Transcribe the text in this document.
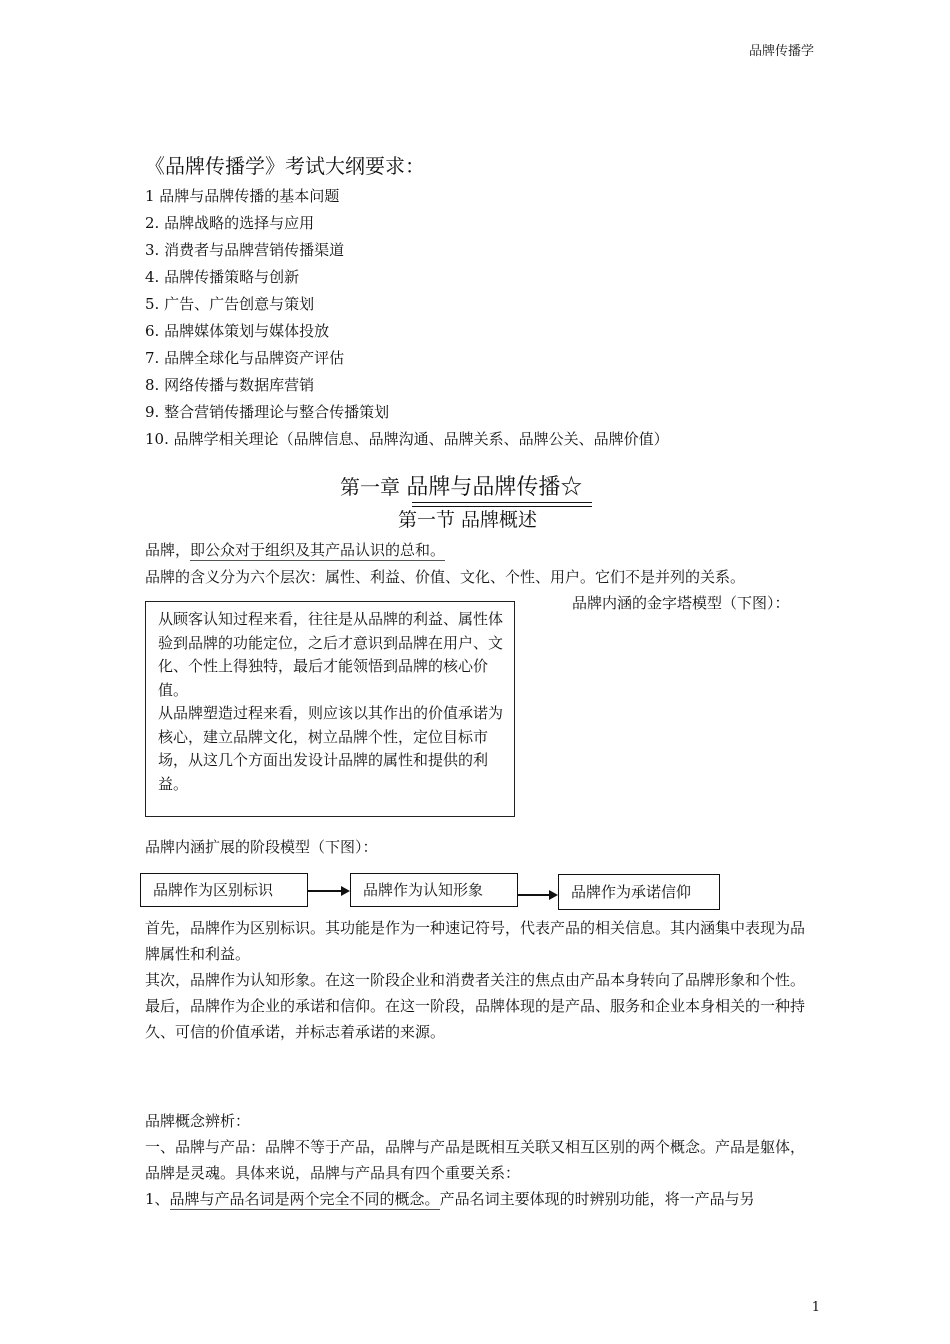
品牌传播学
《品牌传播学》考试大纲要求：
1 品牌与品牌传播的基本问题
2. 品牌战略的选择与应用
3. 消费者与品牌营销传播渠道
4. 品牌传播策略与创新
5. 广告、广告创意与策划
6. 品牌媒体策划与媒体投放
7. 品牌全球化与品牌资产评估
8. 网络传播与数据库营销
9. 整合营销传播理论与整合传播策划
10. 品牌学相关理论（品牌信息、品牌沟通、品牌关系、品牌公关、品牌价值）
第一章 品牌与品牌传播☆
第一节 品牌概述
品牌，即公众对于组织及其产品认识的总和。
品牌的含义分为六个层次：属性、利益、价值、文化、个性、用户。它们不是并列的关系。
品牌内涵的金字塔模型（下图）：

从顾客认知过程来看，往往是从品牌的利益、属性体验到品牌的功能定位，之后才意识到品牌在用户、文化、个性上得独特，最后才能领悟到品牌的核心价值。

从品牌塑造过程来看，则应该以其作出的价值承诺为核心，建立品牌文化，树立品牌个性，定位目标市场，从这几个方面出发设计品牌的属性和提供的利益。

品牌内涵扩展的阶段模型（下图）：
品牌作为区别标识	品牌作为认知形象	品牌作为承诺信仰

首先，品牌作为区别标识。其功能是作为一种速记符号，代表产品的相关信息。其内涵集中表现为品牌属性和利益。

其次，品牌作为认知形象。在这一阶段企业和消费者关注的焦点由产品本身转向了品牌形象和个性。

最后，品牌作为企业的承诺和信仰。在这一阶段，品牌体现的是产品、服务和企业本身相关的一种持久、可信的价值承诺，并标志着承诺的来源。

品牌概念辨析：

一、品牌与产品：品牌不等于产品，品牌与产品是既相互关联又相互区别的两个概念。产品是躯体，品牌是灵魂。具体来说，品牌与产品具有四个重要关系：

1、品牌与产品名词是两个完全不同的概念。产品名词主要体现的时辨别功能，将一产品与另

1
